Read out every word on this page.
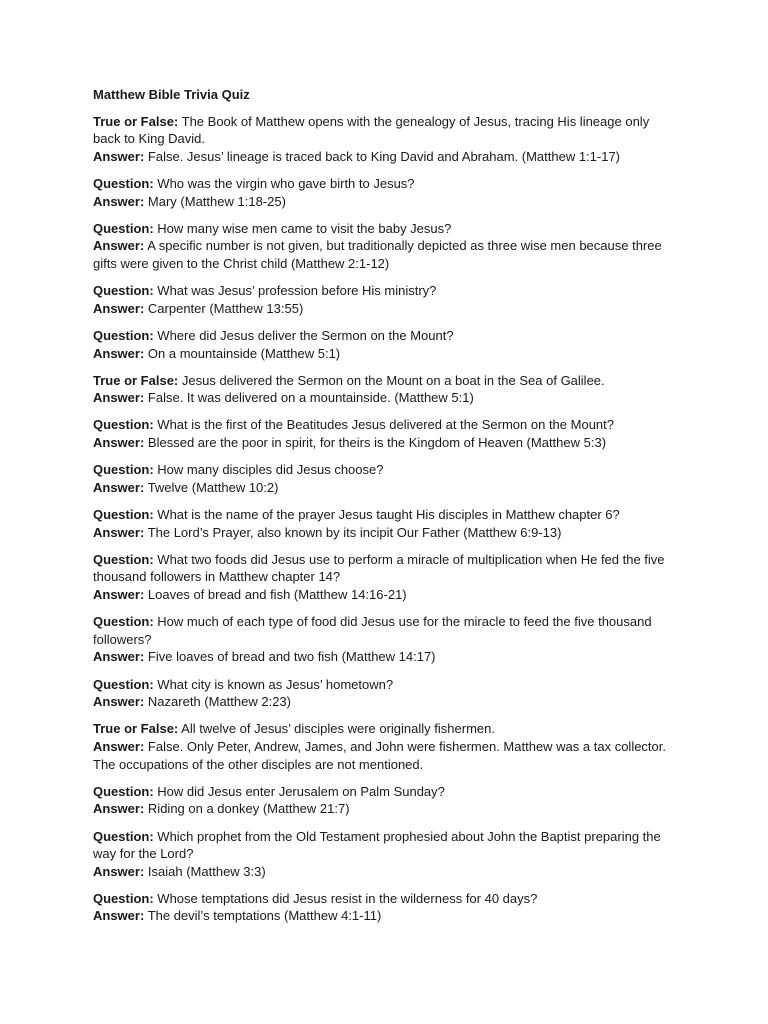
Matthew Bible Trivia Quiz

True or False: The Book of Matthew opens with the genealogy of Jesus, tracing His lineage only back to King David.

Answer: False. Jesus’ lineage is traced back to King David and Abraham. (Matthew 1:1-17)

Question: Who was the virgin who gave birth to Jesus?

Answer: Mary (Matthew 1:18-25)

Question: How many wise men came to visit the baby Jesus?

Answer: A specific number is not given, but traditionally depicted as three wise men because three gifts were given to the Christ child (Matthew 2:1-12)

Question: What was Jesus’ profession before His ministry?

Answer: Carpenter (Matthew 13:55)

Question: Where did Jesus deliver the Sermon on the Mount?

Answer: On a mountainside (Matthew 5:1)

True or False: Jesus delivered the Sermon on the Mount on a boat in the Sea of Galilee.

Answer: False. It was delivered on a mountainside. (Matthew 5:1)

Question: What is the first of the Beatitudes Jesus delivered at the Sermon on the Mount?

Answer: Blessed are the poor in spirit, for theirs is the Kingdom of Heaven (Matthew 5:3)

Question: How many disciples did Jesus choose?

Answer: Twelve (Matthew 10:2)

Question: What is the name of the prayer Jesus taught His disciples in Matthew chapter 6?

Answer: The Lord’s Prayer, also known by its incipit Our Father (Matthew 6:9-13)

Question: What two foods did Jesus use to perform a miracle of multiplication when He fed the five thousand followers in Matthew chapter 14?

Answer: Loaves of bread and fish (Matthew 14:16-21)

Question: How much of each type of food did Jesus use for the miracle to feed the five thousand followers?

Answer: Five loaves of bread and two fish (Matthew 14:17)

Question: What city is known as Jesus’ hometown?

Answer: Nazareth (Matthew 2:23)

True or False: All twelve of Jesus’ disciples were originally fishermen.

Answer: False. Only Peter, Andrew, James, and John were fishermen. Matthew was a tax collector. The occupations of the other disciples are not mentioned.

Question: How did Jesus enter Jerusalem on Palm Sunday?

Answer: Riding on a donkey (Matthew 21:7)

Question: Which prophet from the Old Testament prophesied about John the Baptist preparing the way for the Lord?

Answer: Isaiah (Matthew 3:3)

Question: Whose temptations did Jesus resist in the wilderness for 40 days?

Answer: The devil’s temptations (Matthew 4:1-11)
